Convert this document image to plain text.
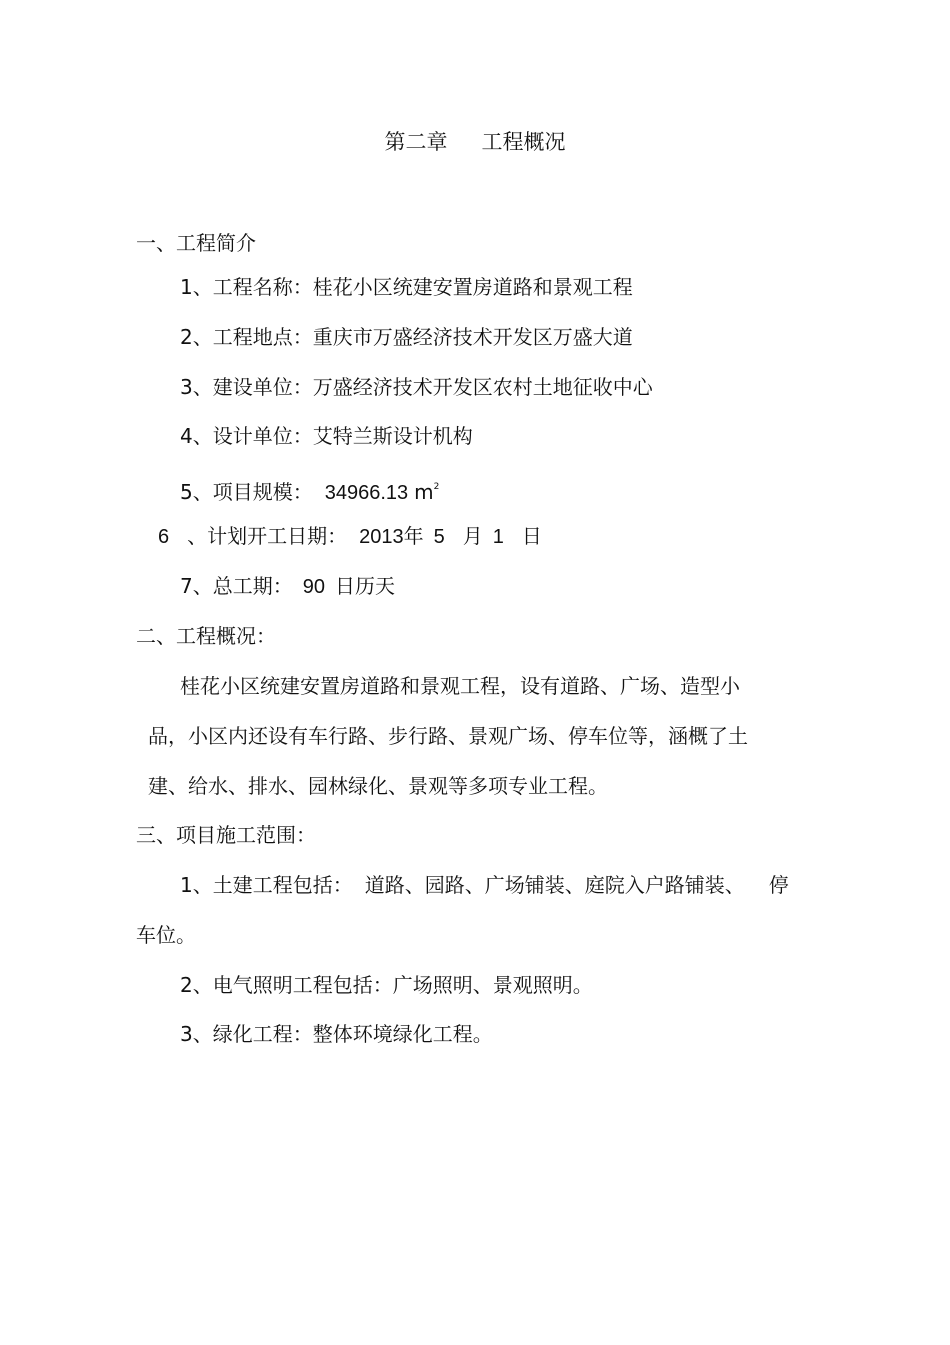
第二章 工程概况

一、工程简介

1、工程名称：桂花小区统建安置房道路和景观工程

2、工程地点：重庆市万盛经济技术开发区万盛大道

3、建设单位：万盛经济技术开发区农村土地征收中心

4、设计单位：艾特兰斯设计机构

5、项目规模： 34966.13 $m^2$

6 、计划开工日期： 2013年 5 月 1 日

7、总工期： 90 日历天

二、工程概况：

桂花小区统建安置房道路和景观工程，设有道路、广场、造型小

品，小区内还设有车行路、步行路、景观广场、停车位等，涵概了土

建、给水、排水、园林绿化、景观等多项专业工程。

三、项目施工范围：

1、土建工程包括： 道路、园路、广场铺装、庭院入户路铺装、 停

车位。

2、电气照明工程包括：广场照明、景观照明。

3、绿化工程：整体环境绿化工程。
